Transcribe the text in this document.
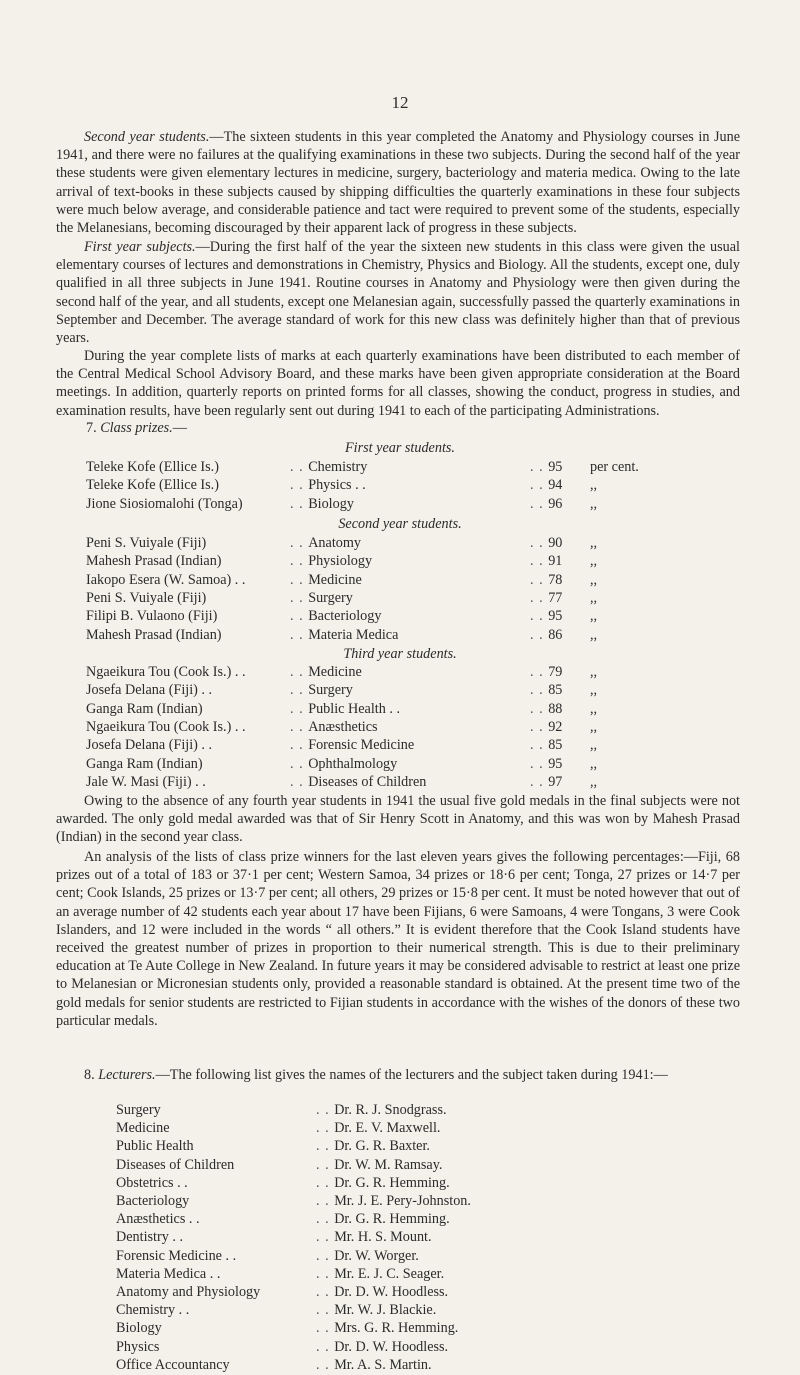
12

Second year students.—The sixteen students in this year completed the Anatomy and Physiology courses in June 1941, and there were no failures at the qualifying examinations in these two subjects. During the second half of the year these students were given elementary lectures in medicine, surgery, bacteriology and materia medica. Owing to the late arrival of text-books in these subjects caused by shipping difficulties the quarterly examinations in these four subjects were much below average, and considerable patience and tact were required to prevent some of the students, especially the Melanesians, becoming discouraged by their apparent lack of progress in these subjects.

First year subjects.—During the first half of the year the sixteen new students in this class were given the usual elementary courses of lectures and demonstrations in Chemistry, Physics and Biology. All the students, except one, duly qualified in all three subjects in June 1941. Routine courses in Anatomy and Physiology were then given during the second half of the year, and all students, except one Melanesian again, successfully passed the quarterly examinations in September and December. The average standard of work for this new class was definitely higher than that of previous years.

During the year complete lists of marks at each quarterly examinations have been distributed to each member of the Central Medical School Advisory Board, and these marks have been given appropriate consideration at the Board meetings. In addition, quarterly reports on printed forms for all classes, showing the conduct, progress in studies, and examination results, have been regularly sent out during 1941 to each of the participating Administrations.

7. Class prizes.—
First year students.
Teleke Kofe (Ellice Is.)	. . Chemistry	. . 95 per cent.
Teleke Kofe (Ellice Is.)	. . Physics . .	. . 94 ,,
Jione Siosiomalohi (Tonga)	. . Biology	. . 96 ,,
Second year students.
Peni S. Vuiyale (Fiji)	. . Anatomy	. . 90 ,,
Mahesh Prasad (Indian)	. . Physiology	. . 91 ,,
Iakopo Esera (W. Samoa) . .	. . Medicine	. . 78 ,,
Peni S. Vuiyale (Fiji)	. . Surgery	. . 77 ,,
Filipi B. Vulaono (Fiji)	. . Bacteriology	. . 95 ,,
Mahesh Prasad (Indian)	. . Materia Medica	. . 86 ,,
Third year students.
Ngaeikura Tou (Cook Is.) . .	. . Medicine	. . 79 ,,
Josefa Delana (Fiji) . .	. . Surgery	. . 85 ,,
Ganga Ram (Indian)	. . Public Health . .	. . 88 ,,
Ngaeikura Tou (Cook Is.) . .	. . Anæsthetics	. . 92 ,,
Josefa Delana (Fiji) . .	. . Forensic Medicine	. . 85 ,,
Ganga Ram (Indian)	. . Ophthalmology	. . 95 ,,
Jale W. Masi (Fiji) . .	. . Diseases of Children	. . 97 ,,

Owing to the absence of any fourth year students in 1941 the usual five gold medals in the final subjects were not awarded. The only gold medal awarded was that of Sir Henry Scott in Anatomy, and this was won by Mahesh Prasad (Indian) in the second year class.

An analysis of the lists of class prize winners for the last eleven years gives the following percentages:—Fiji, 68 prizes out of a total of 183 or 37·1 per cent; Western Samoa, 34 prizes or 18·6 per cent; Tonga, 27 prizes or 14·7 per cent; Cook Islands, 25 prizes or 13·7 per cent; all others, 29 prizes or 15·8 per cent. It must be noted however that out of an average number of 42 students each year about 17 have been Fijians, 6 were Samoans, 4 were Tongans, 3 were Cook Islanders, and 12 were included in the words “ all others.” It is evident therefore that the Cook Island students have received the greatest number of prizes in proportion to their numerical strength. This is due to their preliminary education at Te Aute College in New Zealand. In future years it may be considered advisable to restrict at least one prize to Melanesian or Micronesian students only, provided a reasonable standard is obtained. At the present time two of the gold medals for senior students are restricted to Fijian students in accordance with the wishes of the donors of these two particular medals.

8. Lecturers.—The following list gives the names of the lecturers and the subject taken during 1941:—

Surgery	. . Dr. R. J. Snodgrass.
Medicine	. . Dr. E. V. Maxwell.
Public Health	. . Dr. G. R. Baxter.
Diseases of Children	. . Dr. W. M. Ramsay.
Obstetrics . .	. . Dr. G. R. Hemming.
Bacteriology	. . Mr. J. E. Pery-Johnston.
Anæsthetics . .	. . Dr. G. R. Hemming.
Dentistry . .	. . Mr. H. S. Mount.
Forensic Medicine . .	. . Dr. W. Worger.
Materia Medica . .	. . Mr. E. J. C. Seager.
Anatomy and Physiology	. . Dr. D. W. Hoodless.
Chemistry . .	. . Mr. W. J. Blackie.
Biology	. . Mrs. G. R. Hemming.
Physics	. . Dr. D. W. Hoodless.
Office Accountancy	. . Mr. A. S. Martin.
